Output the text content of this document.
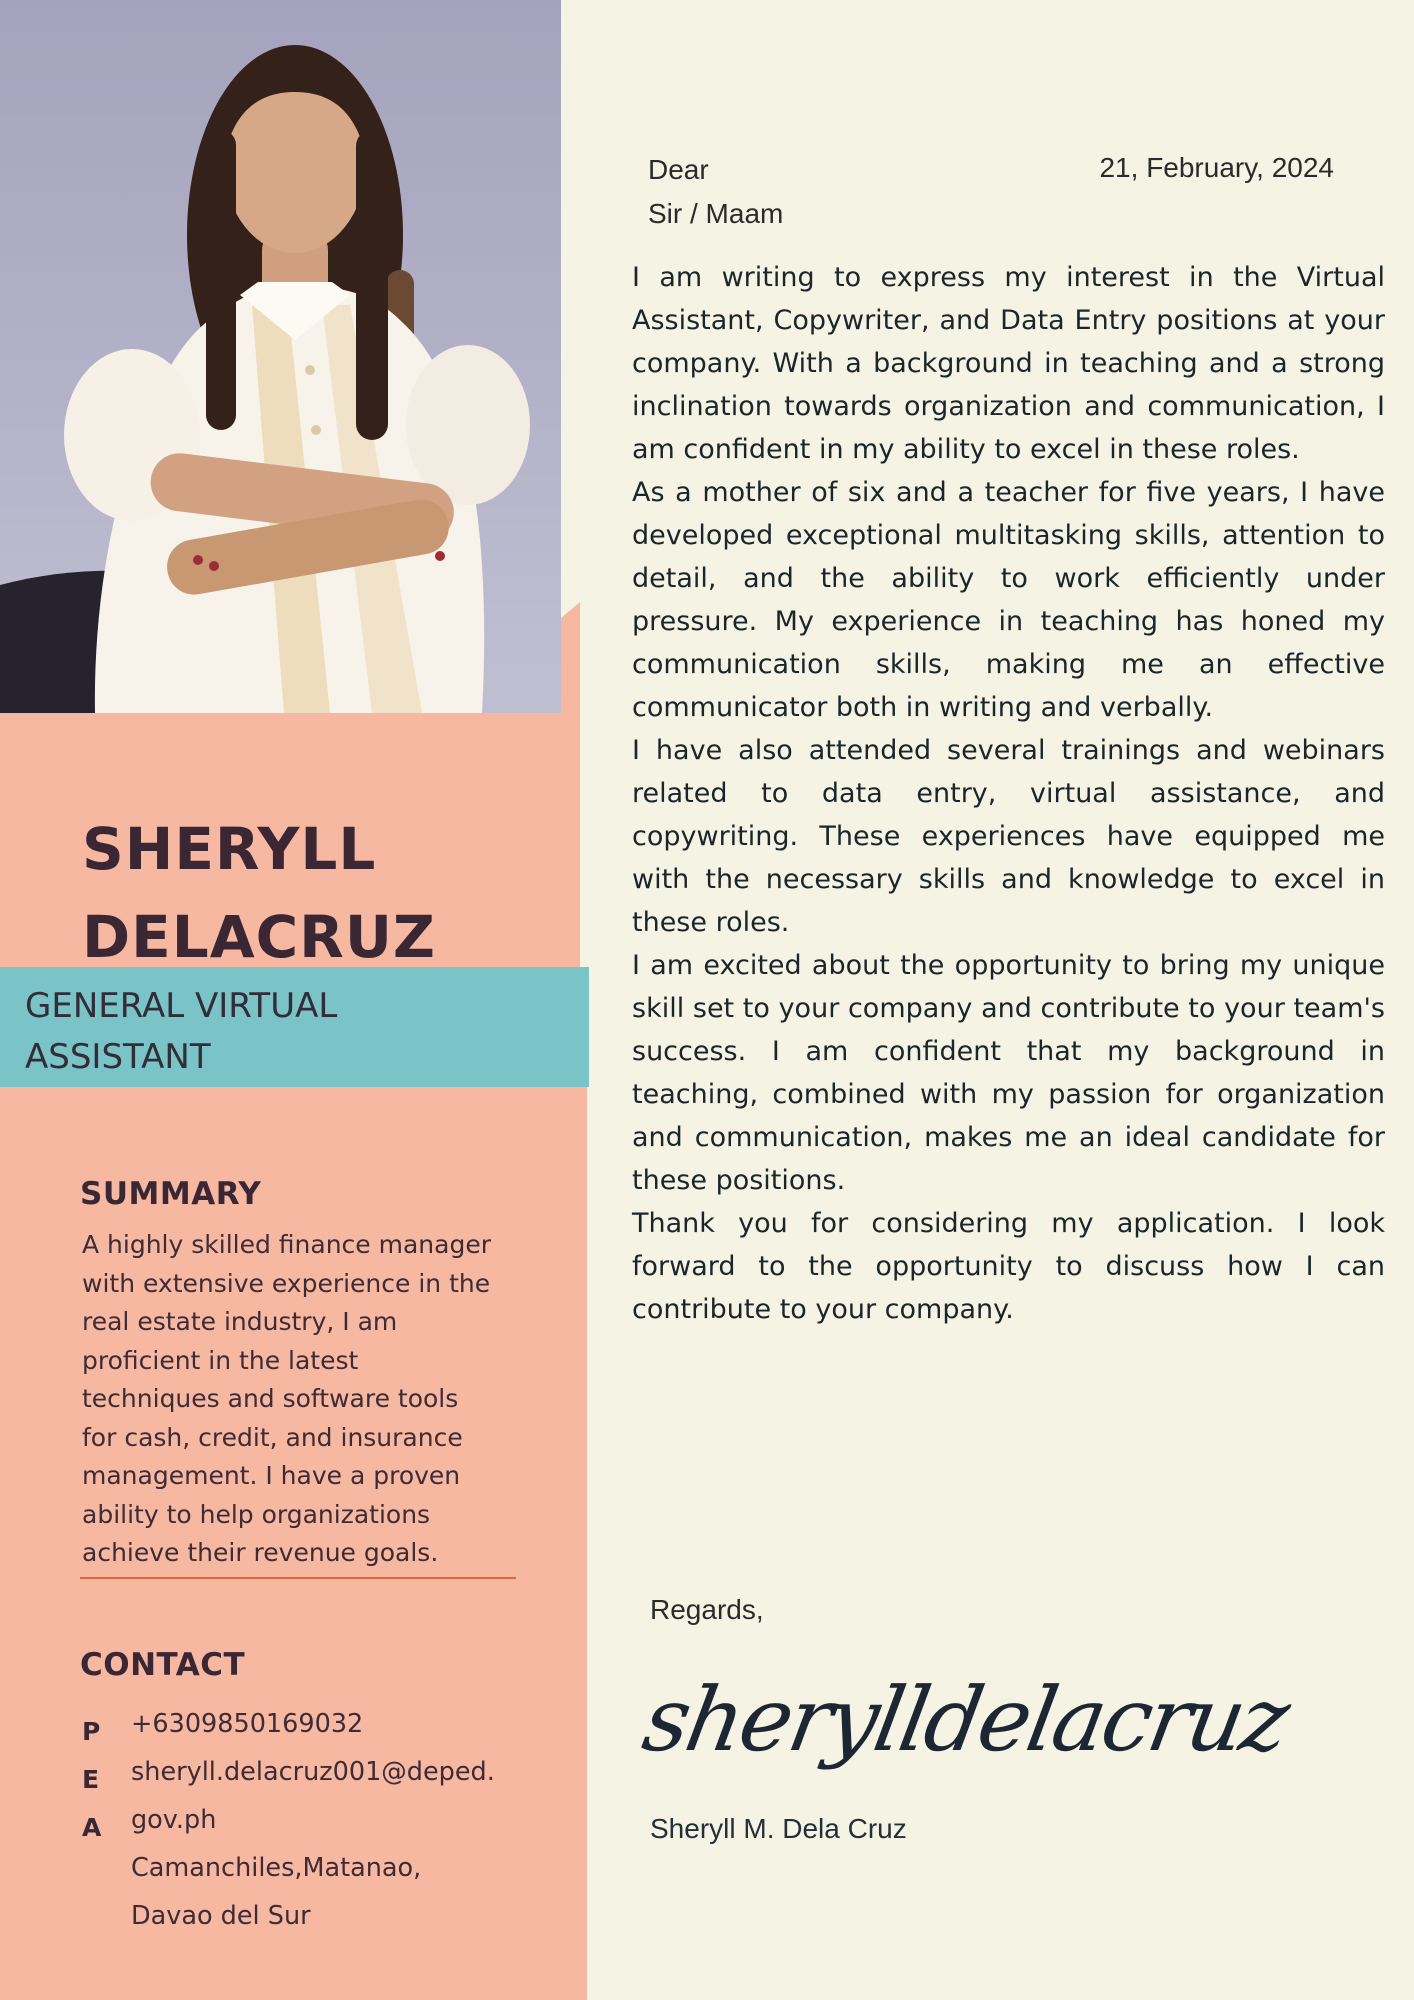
SHERYLL
DELACRUZ
GENERAL VIRTUAL
ASSISTANT
SUMMARY
A highly skilled finance manager
with extensive experience in the
real estate industry, I am
proficient in the latest
techniques and software tools
for cash, credit, and insurance
management. I have a proven
ability to help organizations
achieve their revenue goals.
CONTACT
P
E
A
+6309850169032
sheryll.delacruz001@deped.
gov.ph
Camanchiles,Matanao,
Davao del Sur
Dear
Sir / Maam
21, February, 2024

I am writing to express my interest in the Virtual Assistant, Copywriter, and Data Entry positions at your company. With a background in teaching and a strong inclination towards organization and communication, I am confident in my ability to excel in these roles.

As a mother of six and a teacher for five years, I have developed exceptional multitasking skills, attention to detail, and the ability to work efficiently under pressure. My experience in teaching has honed my communication skills, making me an effective communicator both in writing and verbally.

I have also attended several trainings and webinars related to data entry, virtual assistance, and copywriting. These experiences have equipped me with the necessary skills and knowledge to excel in these roles.

I am excited about the opportunity to bring my unique skill set to your company and contribute to your team's success. I am confident that my background in teaching, combined with my passion for organization and communication, makes me an ideal candidate for these positions.

Thank you for considering my application. I look forward to the opportunity to discuss how I can contribute to your company.

Regards,
sherylldelacruz
Sheryll M. Dela Cruz
